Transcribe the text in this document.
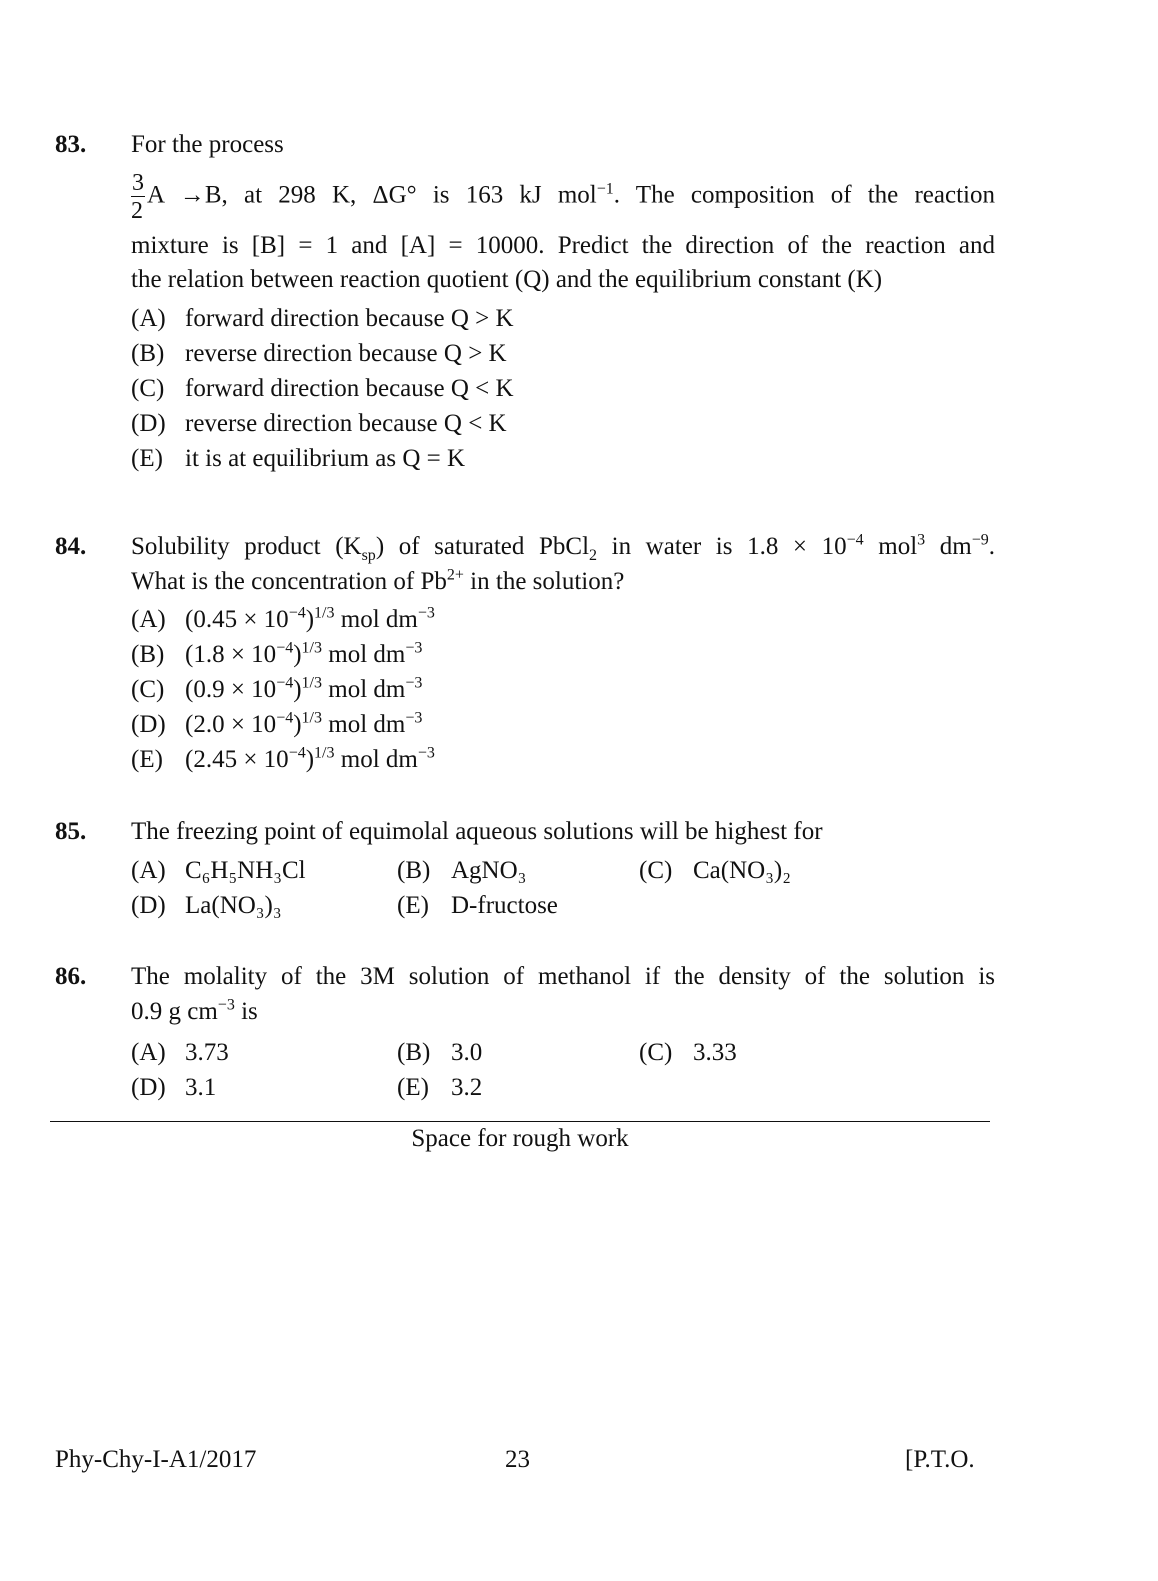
83. For the process
$\frac{3}{2}$ A →B, at 298 K, ΔG° is 163 kJ mol$^{-1}$. The composition of the reaction
mixture is [B] = 1 and [A] = 10000. Predict the direction of the reaction and
the relation between reaction quotient (Q) and the equilibrium constant (K)
(A) forward direction because Q > K
(B) reverse direction because Q > K
(C) forward direction because Q < K
(D) reverse direction because Q < K
(E) it is at equilibrium as Q = K
84. Solubility product $(K_{sp})$ of saturated PbCl$_2$ in water is $1.8 \times 10^{-4}$ mol$^3$ $dm^{-9}$.
What is the concentration of $Pb^{2+}$ in the solution?
(A) $(0.45 \times 10^{-4})^{1/3}$ mol $dm^{-3}$
(B) $(1.8 \times 10^{-4})^{1/3}$ mol $dm^{-3}$
(C) $(0.9 \times 10^{-4})^{1/3}$ mol $dm^{-3}$
(D) $(2.0 \times 10^{-4})^{1/3}$ mol $dm^{-3}$
(E) $(2.45 \times 10^{-4})^{1/3}$ mol $dm^{-3}$
85. The freezing point of equimolal aqueous solutions will be highest for
(A) C₆H₅NH₃Cl	(B) AgNO₃	(C) Ca(NO₃)₂
(D) La(NO₃)₃	(E) D-fructose
86. The molality of the 3M solution of methanol if the density of the solution is
0.9 g $cm^{-3}$ is
(A) 3.73	(B) 3.0	(C) 3.33
(D) 3.1	(E) 3.2
Space for rough work
Phy-Chy-I-A1/2017	23	[P.T.O.
